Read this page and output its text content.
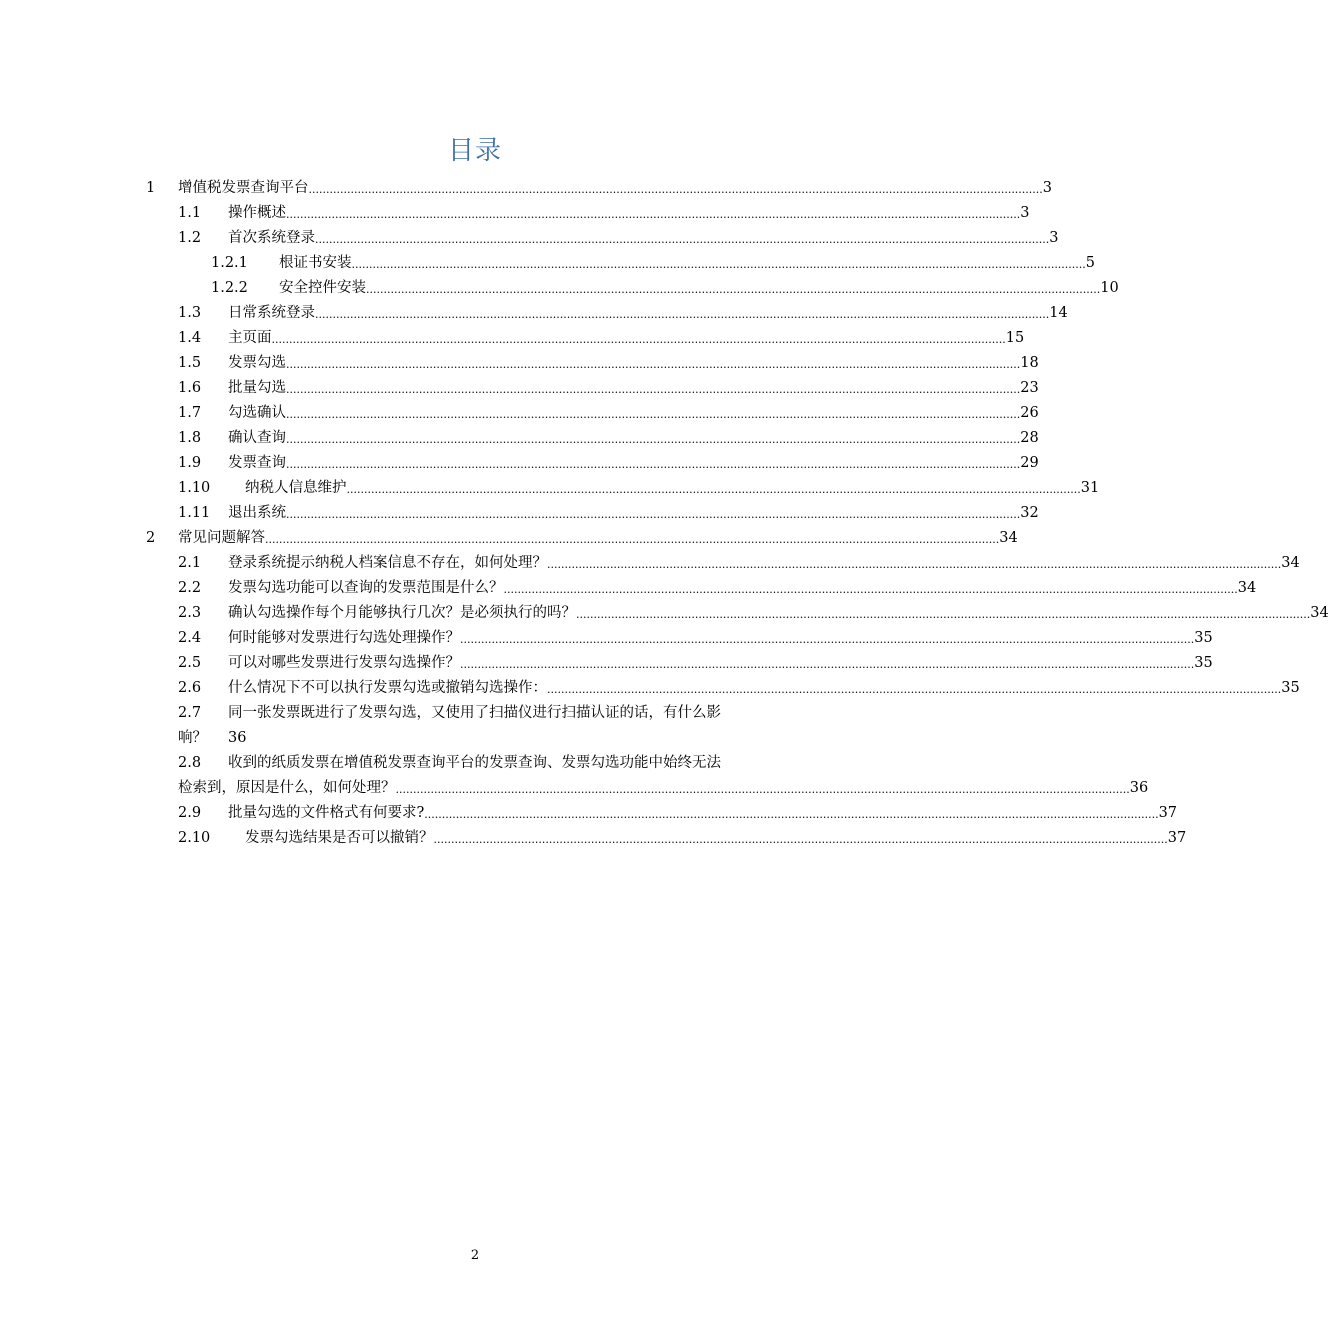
目录
1 增值税发票查询平台 .................................................................................................................................................................................................................. 3
1.1 操作概述 .................................................................................................................................................................................................................. 3
1.2 首次系统登录 .................................................................................................................................................................................................................. 3
1.2.1 根证书安装 .................................................................................................................................................................................................................. 5
1.2.2 安全控件安装 .................................................................................................................................................................................................................. 10
1.3 日常系统登录 .................................................................................................................................................................................................................. 14
1.4 主页面 .................................................................................................................................................................................................................. 15
1.5 发票勾选 .................................................................................................................................................................................................................. 18
1.6 批量勾选 .................................................................................................................................................................................................................. 23
1.7 勾选确认 .................................................................................................................................................................................................................. 26
1.8 确认查询 .................................................................................................................................................................................................................. 28
1.9 发票查询 .................................................................................................................................................................................................................. 29
1.10 纳税人信息维护 .................................................................................................................................................................................................................. 31
1.11 退出系统 .................................................................................................................................................................................................................. 32
2 常见问题解答 .................................................................................................................................................................................................................. 34
2.1 登录系统提示纳税人档案信息不存在，如何处理？ .................................................................................................................................................................................................................. 34
2.2 发票勾选功能可以查询的发票范围是什么？ .................................................................................................................................................................................................................. 34
2.3 确认勾选操作每个月能够执行几次？是必须执行的吗？ .................................................................................................................................................................................................................. 34
2.4 何时能够对发票进行勾选处理操作？ .................................................................................................................................................................................................................. 35
2.5 可以对哪些发票进行发票勾选操作？ .................................................................................................................................................................................................................. 35
2.6 什么情况下不可以执行发票勾选或撤销勾选操作： .................................................................................................................................................................................................................. 35
2.7 同一张发票既进行了发票勾选，又使用了扫描仪进行扫描认证的话，有什么影
响？ 36
2.8 收到的纸质发票在增值税发票查询平台的发票查询、发票勾选功能中始终无法
检索到，原因是什么，如何处理？ .................................................................................................................................................................................................................. 36
2.9 批量勾选的文件格式有何要求? .................................................................................................................................................................................................................. 37
2.10 发票勾选结果是否可以撤销？ .................................................................................................................................................................................................................. 37
2
